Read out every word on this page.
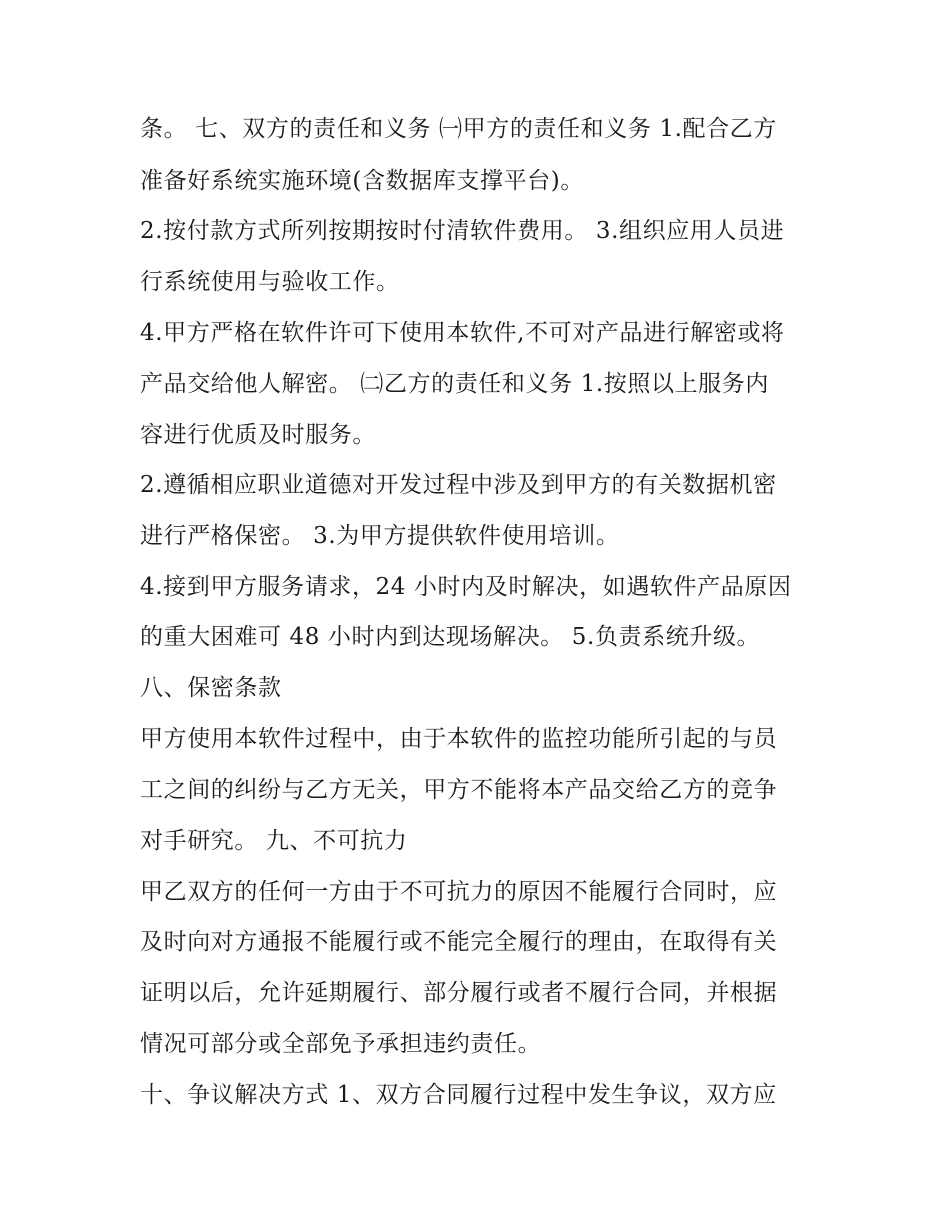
条。 七、双方的责任和义务 ㈠甲方的责任和义务 1.配合乙方
准备好系统实施环境(含数据库支撑平台)。
2.按付款方式所列按期按时付清软件费用。 3.组织应用人员进
行系统使用与验收工作。
4.甲方严格在软件许可下使用本软件,不可对产品进行解密或将
产品交给他人解密。 ㈡乙方的责任和义务 1.按照以上服务内
容进行优质及时服务。
2.遵循相应职业道德对开发过程中涉及到甲方的有关数据机密
进行严格保密。 3.为甲方提供软件使用培训。
4.接到甲方服务请求，24 小时内及时解决，如遇软件产品原因
的重大困难可 48 小时内到达现场解决。 5.负责系统升级。
八、保密条款
甲方使用本软件过程中，由于本软件的监控功能所引起的与员
工之间的纠纷与乙方无关，甲方不能将本产品交给乙方的竞争
对手研究。 九、不可抗力
甲乙双方的任何一方由于不可抗力的原因不能履行合同时，应
及时向对方通报不能履行或不能完全履行的理由，在取得有关
证明以后，允许延期履行、部分履行或者不履行合同，并根据
情况可部分或全部免予承担违约责任。
十、争议解决方式 1、双方合同履行过程中发生争议，双方应
